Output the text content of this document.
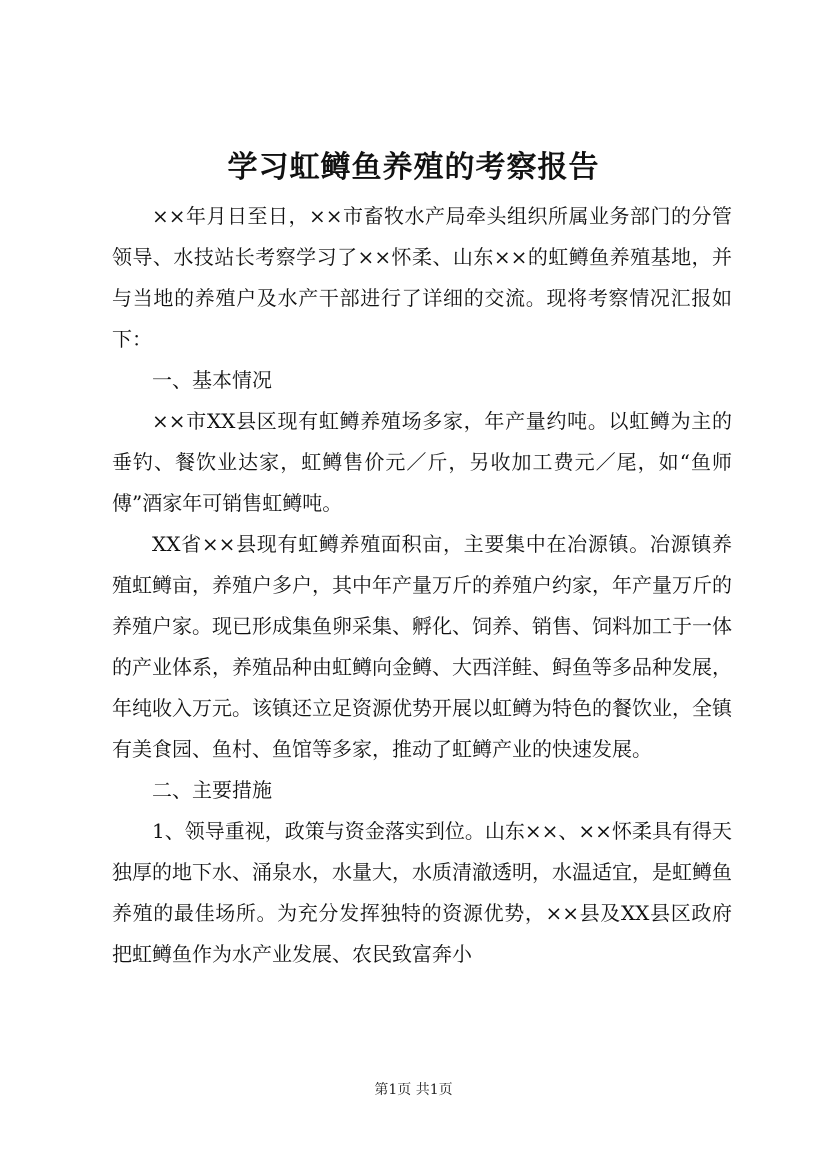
学习虹鳟鱼养殖的考察报告

××年月日至日，××市畜牧水产局牵头组织所属业务部门的分管领导、水技站长考察学习了××怀柔、山东××的虹鳟鱼养殖基地，并与当地的养殖户及水产干部进行了详细的交流。现将考察情况汇报如下：

一、基本情况

××市XX县区现有虹鳟养殖场多家，年产量约吨。以虹鳟为主的垂钓、餐饮业达家，虹鳟售价元／斤，另收加工费元／尾，如“鱼师傅”酒家年可销售虹鳟吨。

XX省××县现有虹鳟养殖面积亩，主要集中在冶源镇。冶源镇养殖虹鳟亩，养殖户多户，其中年产量万斤的养殖户约家，年产量万斤的养殖户家。现已形成集鱼卵采集、孵化、饲养、销售、饲料加工于一体的产业体系，养殖品种由虹鳟向金鳟、大西洋鲑、鲟鱼等多品种发展，年纯收入万元。该镇还立足资源优势开展以虹鳟为特色的餐饮业，全镇有美食园、鱼村、鱼馆等多家，推动了虹鳟产业的快速发展。

二、主要措施

1、领导重视，政策与资金落实到位。山东××、××怀柔具有得天独厚的地下水、涌泉水，水量大，水质清澈透明，水温适宜，是虹鳟鱼养殖的最佳场所。为充分发挥独特的资源优势，××县及XX县区政府把虹鳟鱼作为水产业发展、农民致富奔小

第1页 共1页
